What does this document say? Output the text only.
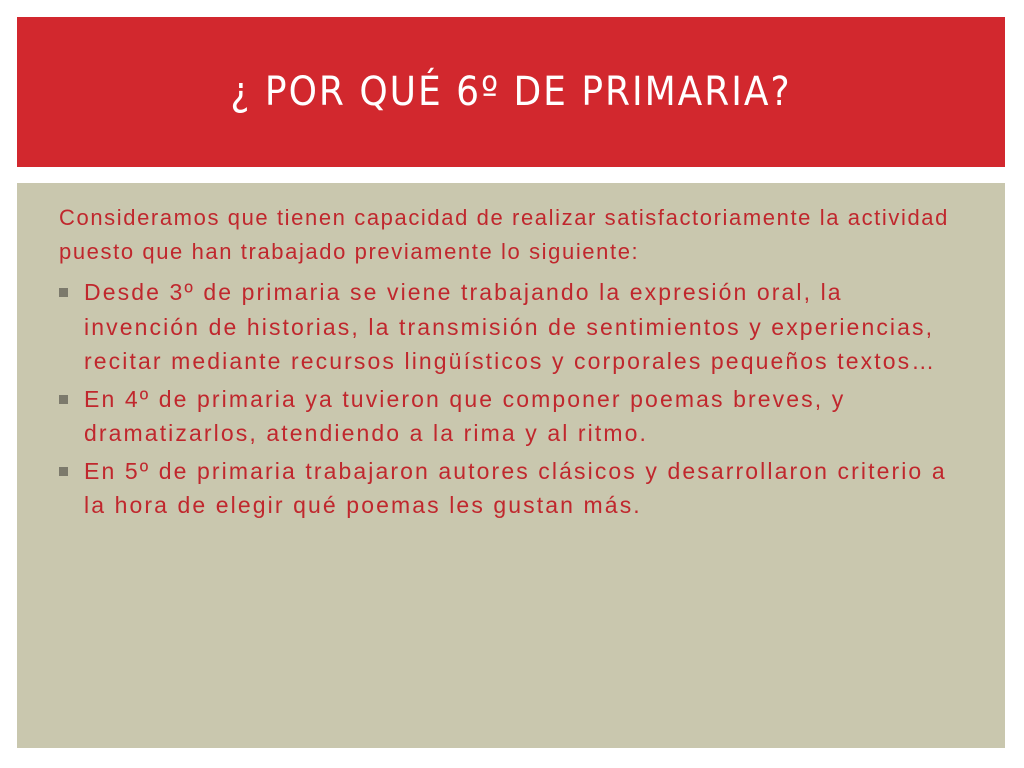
¿ POR QUÉ 6º DE PRIMARIA?

Consideramos que tienen capacidad de realizar satisfactoriamente la actividad puesto que han trabajado previamente lo siguiente:

Desde 3º de primaria se viene trabajando la expresión oral, la invención de historias, la transmisión de sentimientos y experiencias, recitar mediante recursos lingüísticos y corporales pequeños textos…
En 4º de primaria ya tuvieron que componer poemas breves, y dramatizarlos, atendiendo a la rima y al ritmo.
En 5º de primaria trabajaron autores clásicos y desarrollaron criterio a la hora de elegir qué poemas les gustan más.
